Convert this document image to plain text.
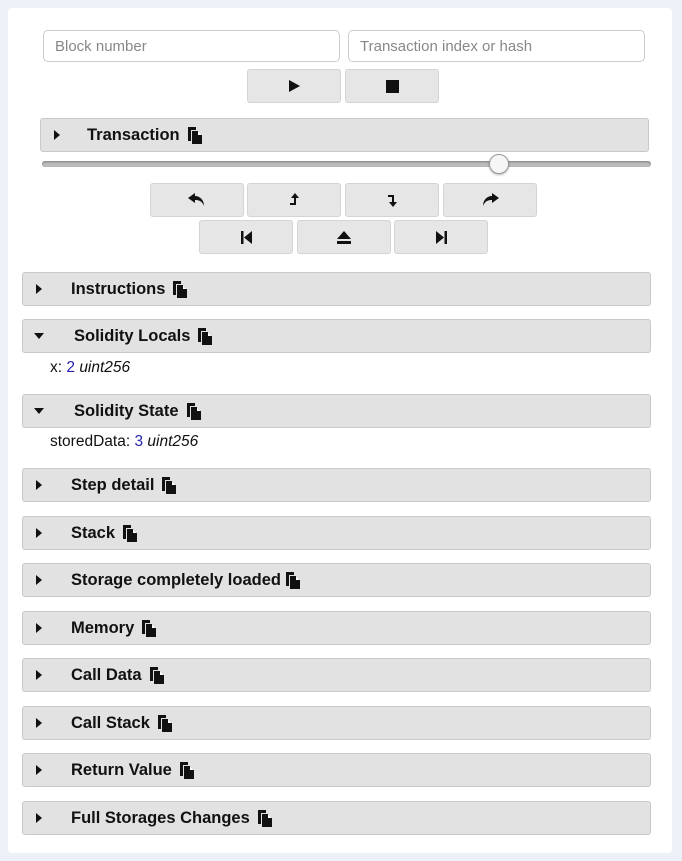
Block number
Transaction index or hash
Transaction
Instructions
Solidity Locals
x: 2 uint256
Solidity State
storedData: 3 uint256
Step detail
Stack
Storage completely loaded
Memory
Call Data
Call Stack
Return Value
Full Storages Changes
